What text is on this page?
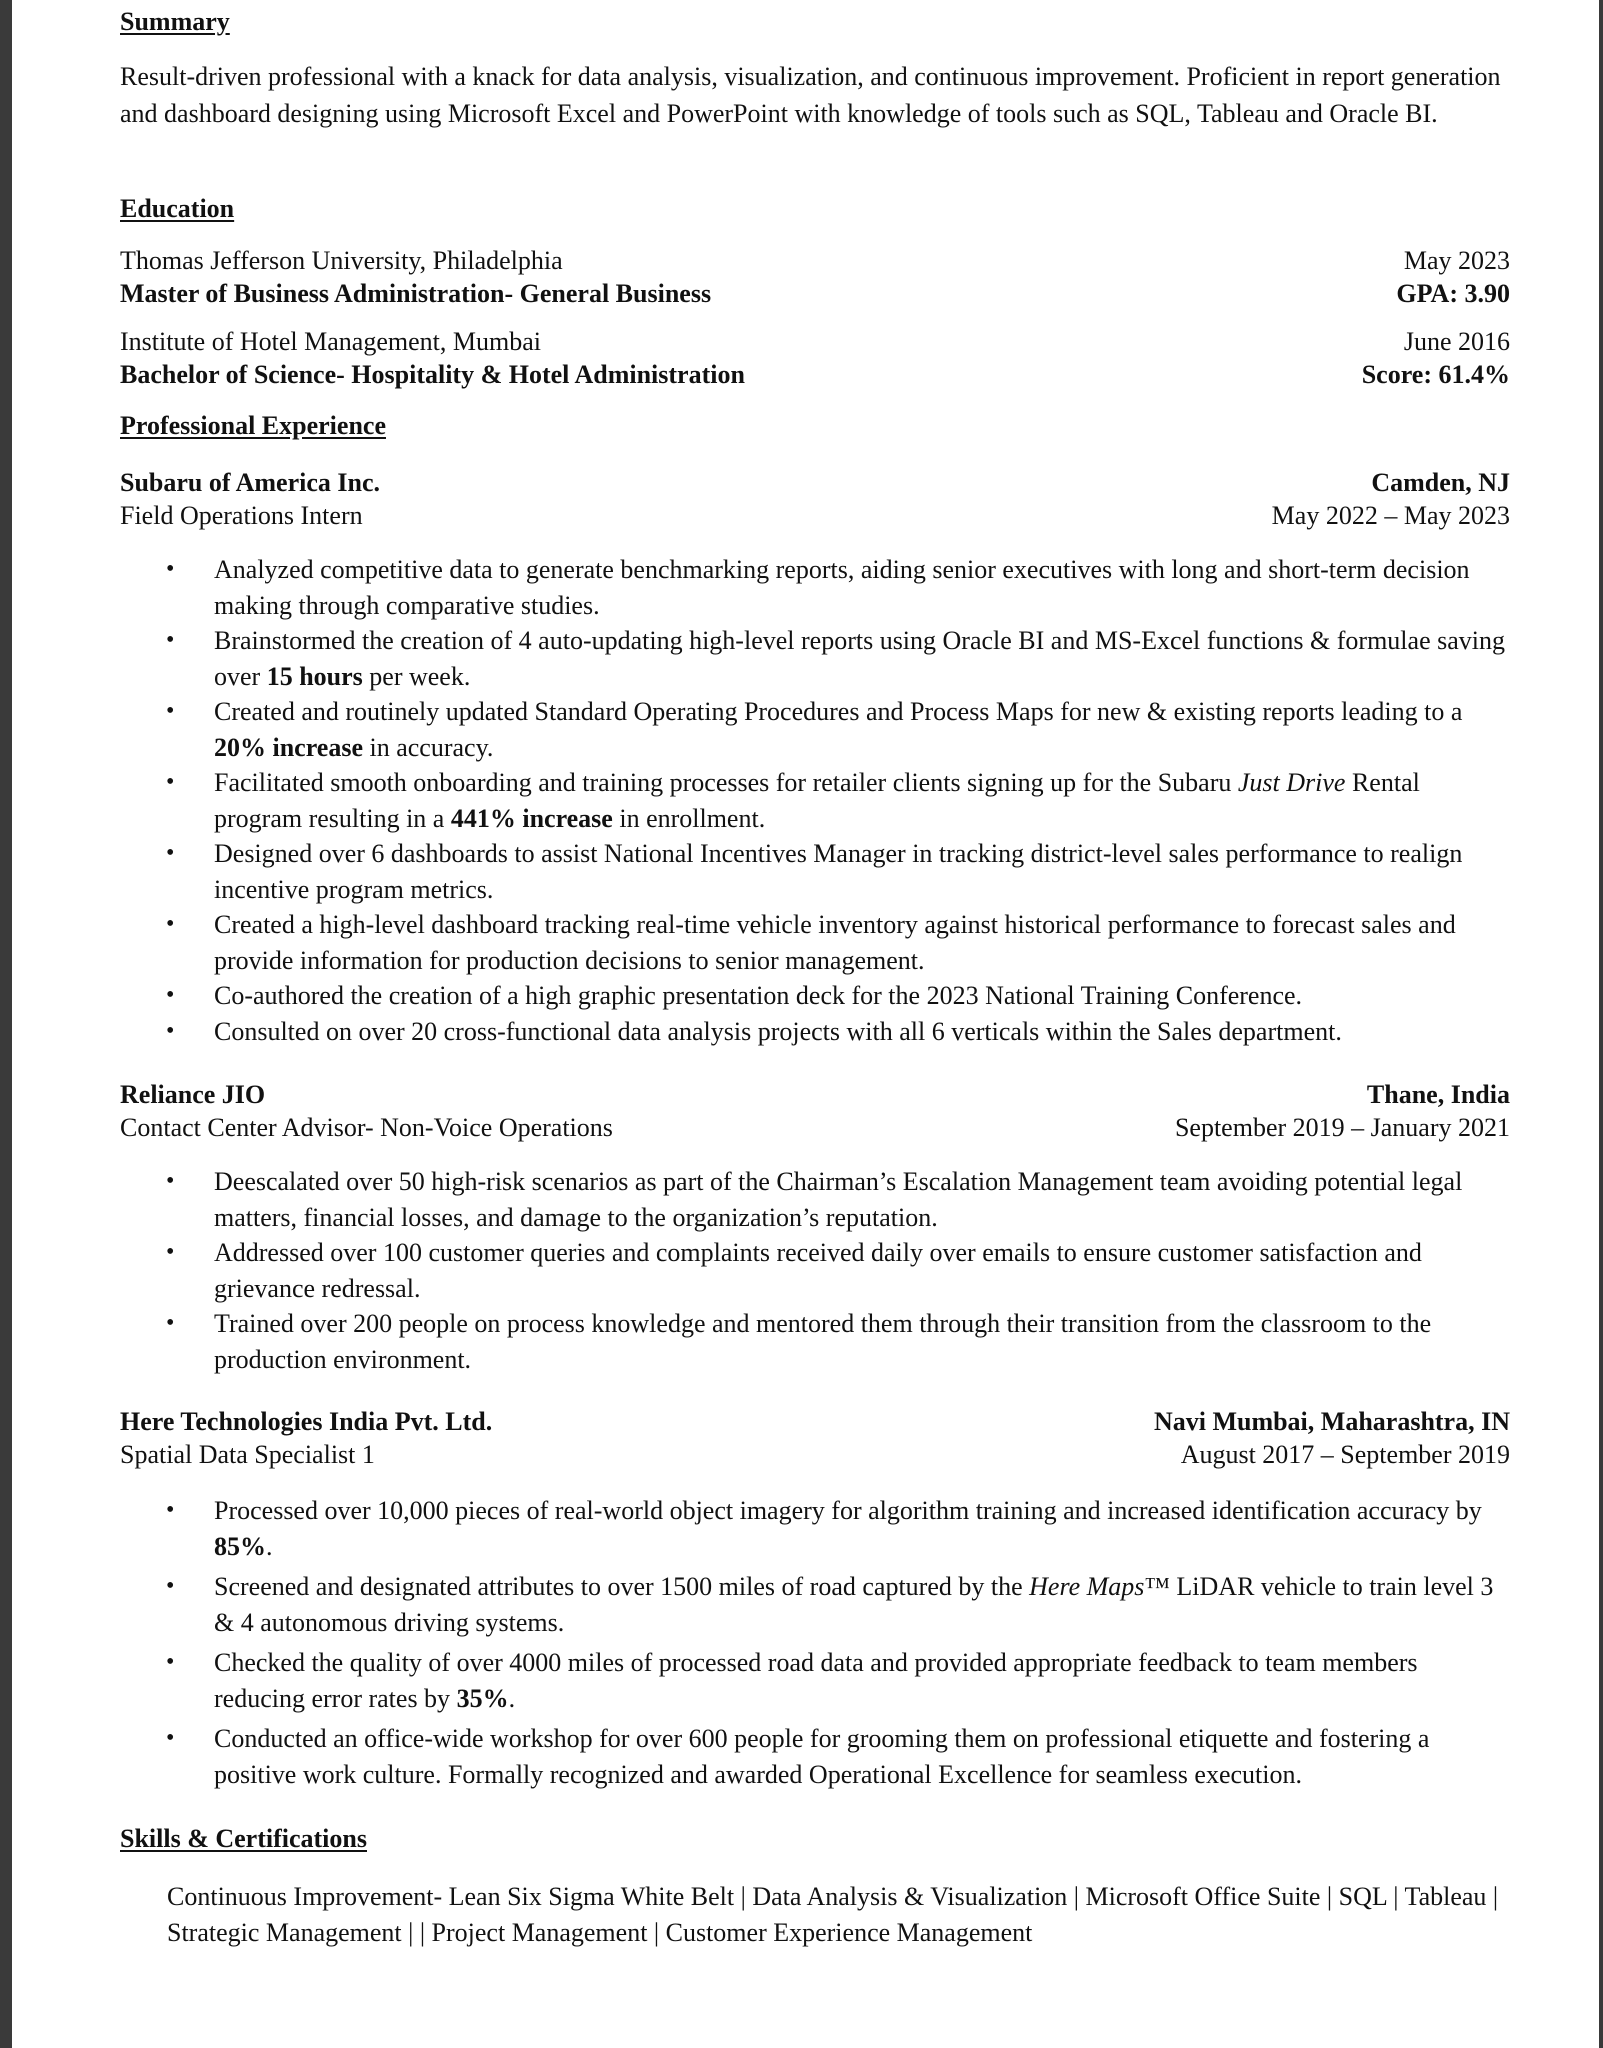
Summary

Result-driven professional with a knack for data analysis, visualization, and continuous improvement. Proficient in report generation and dashboard designing using Microsoft Excel and PowerPoint with knowledge of tools such as SQL, Tableau and Oracle BI.

Education

Thomas Jefferson University, Philadelphia	May 2023
Master of Business Administration- General Business	GPA: 3.90
Institute of Hotel Management, Mumbai	June 2016
Bachelor of Science- Hospitality & Hotel Administration	Score: 61.4%

Professional Experience

Subaru of America Inc.	Camden, NJ
Field Operations Intern	May 2022 – May 2023
• Analyzed competitive data to generate benchmarking reports, aiding senior executives with long and short-term decision making through comparative studies.
• Brainstormed the creation of 4 auto-updating high-level reports using Oracle BI and MS-Excel functions & formulae saving over 15 hours per week.
• Created and routinely updated Standard Operating Procedures and Process Maps for new & existing reports leading to a 20% increase in accuracy.
• Facilitated smooth onboarding and training processes for retailer clients signing up for the Subaru Just Drive Rental program resulting in a 441% increase in enrollment.
• Designed over 6 dashboards to assist National Incentives Manager in tracking district-level sales performance to realign incentive program metrics.
• Created a high-level dashboard tracking real-time vehicle inventory against historical performance to forecast sales and provide information for production decisions to senior management.
• Co-authored the creation of a high graphic presentation deck for the 2023 National Training Conference.
• Consulted on over 20 cross-functional data analysis projects with all 6 verticals within the Sales department.
Reliance JIO	Thane, India
Contact Center Advisor- Non-Voice Operations	September 2019 – January 2021
• Deescalated over 50 high-risk scenarios as part of the Chairman’s Escalation Management team avoiding potential legal matters, financial losses, and damage to the organization’s reputation.
• Addressed over 100 customer queries and complaints received daily over emails to ensure customer satisfaction and grievance redressal.
• Trained over 200 people on process knowledge and mentored them through their transition from the classroom to the production environment.
Here Technologies India Pvt. Ltd.	Navi Mumbai, Maharashtra, IN
Spatial Data Specialist 1	August 2017 – September 2019
• Processed over 10,000 pieces of real-world object imagery for algorithm training and increased identification accuracy by 85%.
• Screened and designated attributes to over 1500 miles of road captured by the Here Maps™ LiDAR vehicle to train level 3 & 4 autonomous driving systems.
• Checked the quality of over 4000 miles of processed road data and provided appropriate feedback to team members reducing error rates by 35%.
• Conducted an office-wide workshop for over 600 people for grooming them on professional etiquette and fostering a positive work culture. Formally recognized and awarded Operational Excellence for seamless execution.

Skills & Certifications

Continuous Improvement- Lean Six Sigma White Belt | Data Analysis & Visualization | Microsoft Office Suite | SQL | Tableau | Strategic Management | | Project Management | Customer Experience Management
